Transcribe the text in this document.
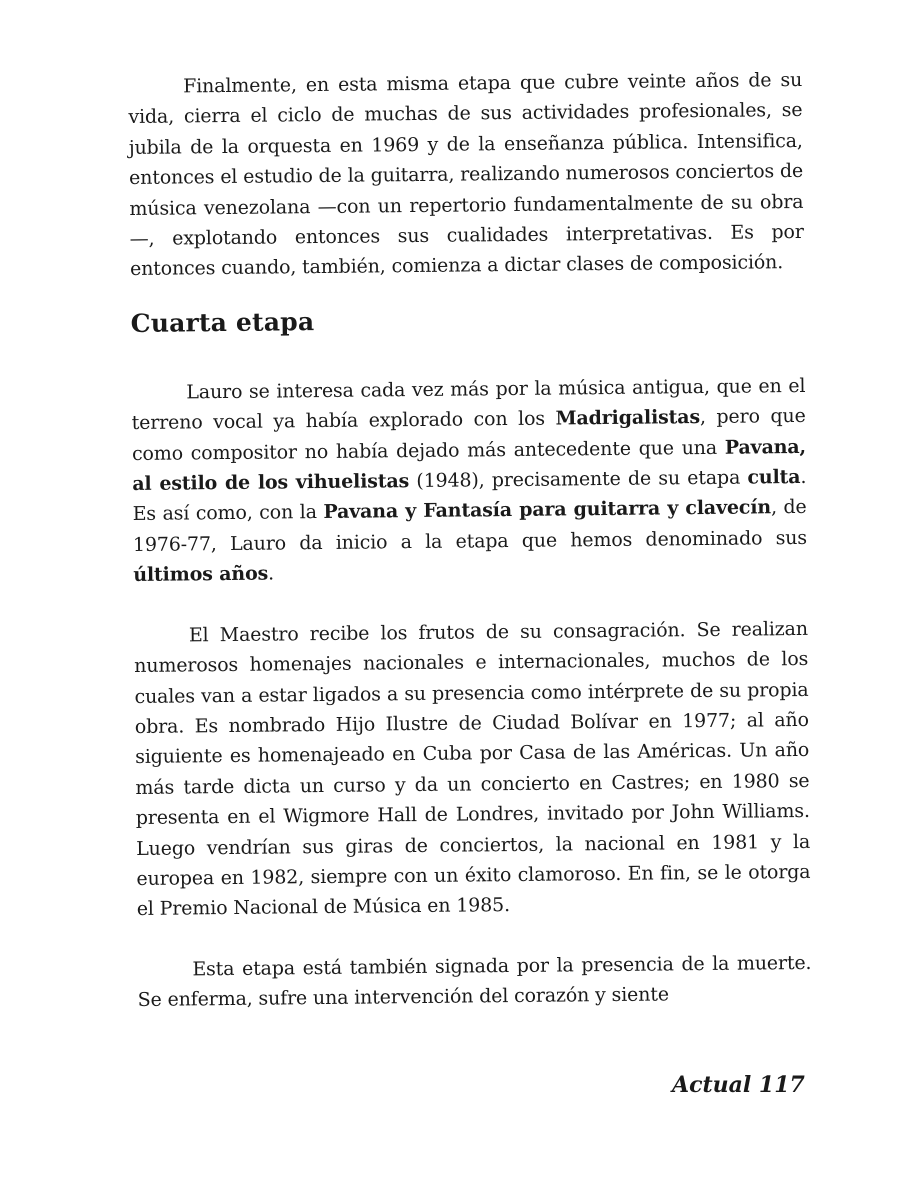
Finalmente, en esta misma etapa que cubre veinte años de su vida, cierra el ciclo de muchas de sus actividades profesionales, se jubila de la orquesta en 1969 y de la enseñanza pública. Intensifica, entonces el estudio de la guitarra, realizando numerosos conciertos de música venezolana —con un repertorio fundamentalmente de su obra—, explotando entonces sus cualidades interpretativas. Es por entonces cuando, también, comienza a dictar clases de composición.

Cuarta etapa

Lauro se interesa cada vez más por la música antigua, que en el terreno vocal ya había explorado con los Madrigalistas, pero que como compositor no había dejado más antecedente que una Pavana, al estilo de los vihuelistas (1948), precisamente de su etapa culta. Es así como, con la Pavana y Fantasía para guitarra y clavecín, de 1976-77, Lauro da inicio a la etapa que hemos denominado sus últimos años.

El Maestro recibe los frutos de su consagración. Se realizan numerosos homenajes nacionales e internacionales, muchos de los cuales van a estar ligados a su presencia como intérprete de su propia obra. Es nombrado Hijo Ilustre de Ciudad Bolívar en 1977; al año siguiente es homenajeado en Cuba por Casa de las Américas. Un año más tarde dicta un curso y da un concierto en Castres; en 1980 se presenta en el Wigmore Hall de Londres, invitado por John Williams. Luego vendrían sus giras de conciertos, la nacional en 1981 y la europea en 1982, siempre con un éxito clamoroso. En fin, se le otorga el Premio Nacional de Música en 1985.

Esta etapa está también signada por la presencia de la muerte. Se enferma, sufre una intervención del corazón y siente

Actual 117
